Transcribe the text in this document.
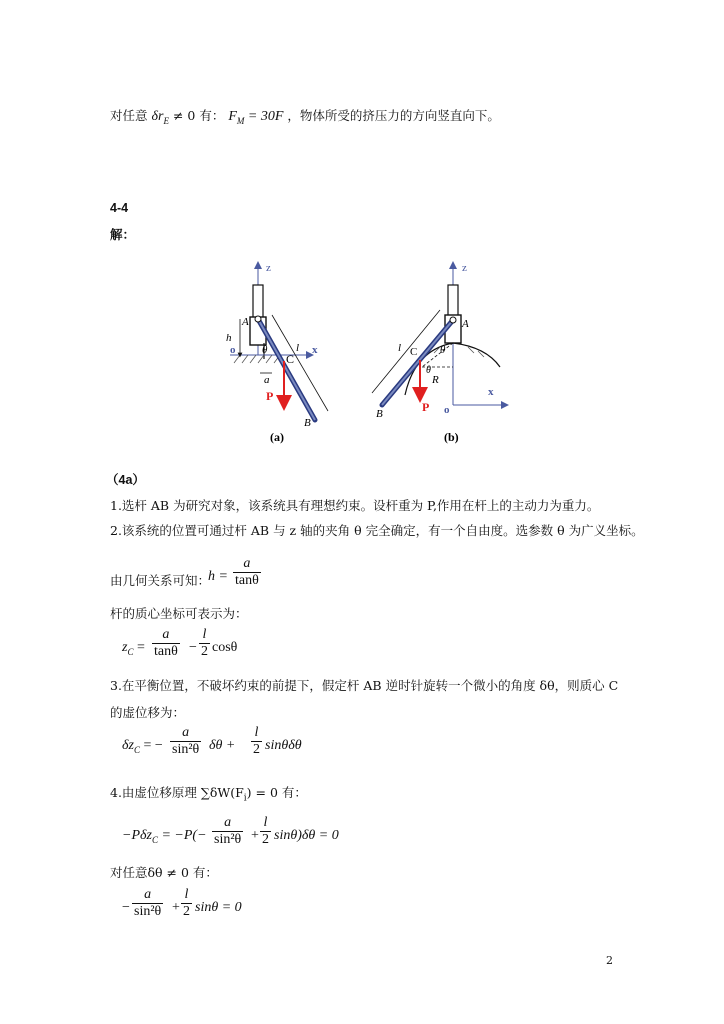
对任意 $\delta r_E \ne 0$ 有： $F_M = 30F$ ，物体所受的挤压力的方向竖直向下。
4-4
解：
z
A
h
o	l x
θ
C
a
P
B
(a)
z
A
l C θ
R
θ
P o
x
B
(b)
（4a）
1.选杆 AB 为研究对象，该系统具有理想约束。设杆重为 P,作用在杆上的主动力为重力。
2.该系统的位置可通过杆 AB 与 z 轴的夹角 θ 完全确定，有一个自由度。选参数 θ 为广义坐标。
由几何关系可知：
$h = \frac{a}{\tan\theta}$
杆的质心坐标可表示为：
$z_C = \frac{a}{\tan\theta} - \frac{l}{2}$ cosθ
3.在平衡位置，不破坏约束的前提下，假定杆 AB 逆时针旋转一个微小的角度 δθ，则质心 C
的虚位移为：
$\delta z_C$ = − $\frac{a}{\text{sin²θ}}$ $\delta\theta + \frac{l}{2}$ sinθδθ
4.由虚位移原理 $\sum\delta W(F_i) = 0$ 有：
$-P\delta z_C = -P(- \frac{a}{\text{sin²θ}} + \frac{l}{2} \sin\theta)\delta\theta = 0$
对任意δθ ≠ 0 有：
− $\frac{a}{\text{sin²θ}} + \frac{l}{2}$ sinθ = 0
2
